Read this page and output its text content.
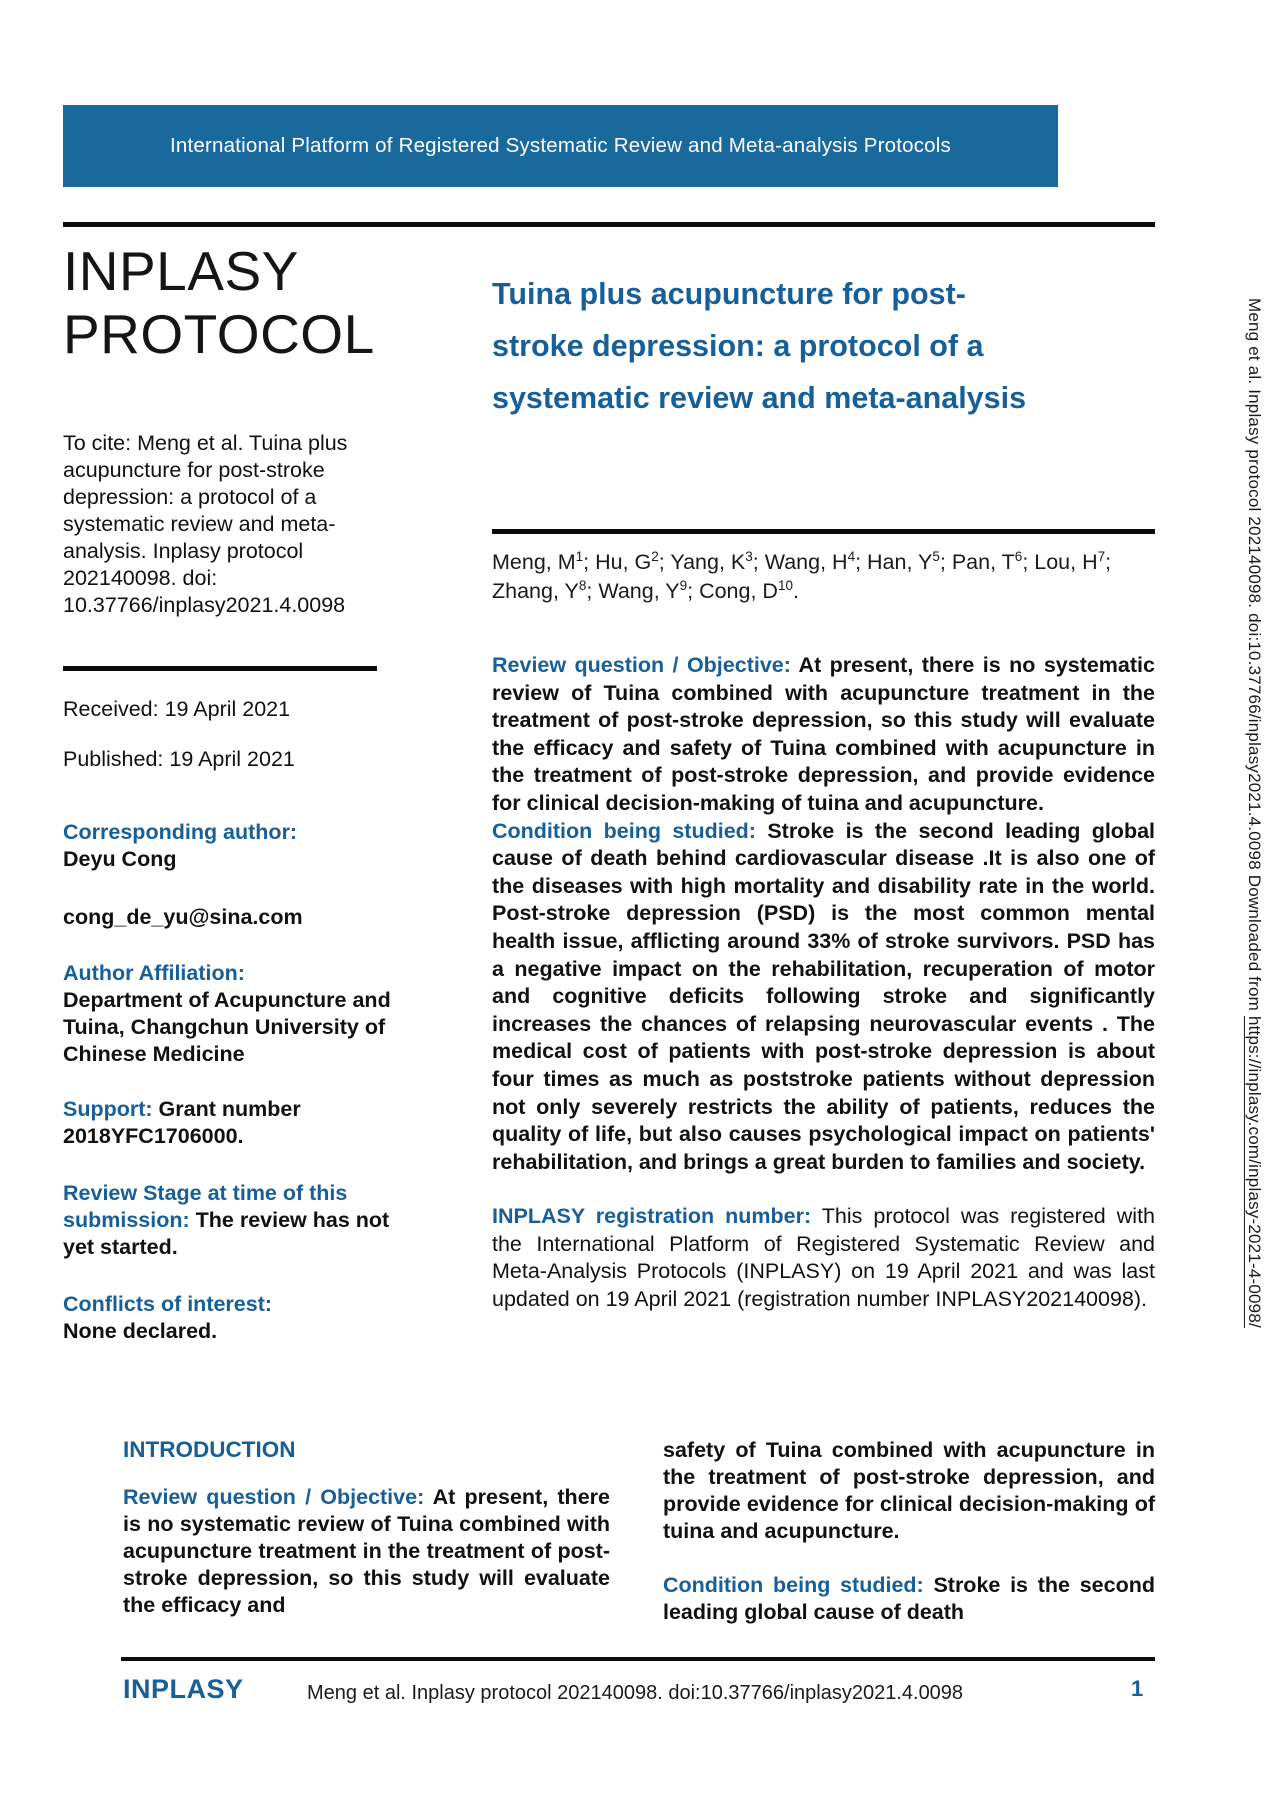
International Platform of Registered Systematic Review and Meta-analysis Protocols
INPLASY
PROTOCOL

To cite: Meng et al. Tuina plus acupuncture for post-stroke depression: a protocol of a systematic review and meta-analysis. Inplasy protocol 202140098. doi: 10.37766/inplasy2021.4.0098

Received: 19 April 2021

Published: 19 April 2021

Corresponding author:
Deyu Cong
cong_de_yu@sina.com
Author Affiliation:
Department of Acupuncture and Tuina, Changchun University of Chinese Medicine
Support: Grant number 2018YFC1706000.
Review Stage at time of this submission: The review has not yet started.
Conflicts of interest:
None declared.
Tuina plus acupuncture for post-
stroke depression: a protocol of a
systematic review and meta-analysis

Meng, $M^1$; Hu, $G^2$; Yang, $K^3$; Wang, $H^4$; Han, $Y^5$; Pan, $T^6$; Lou, $H^7$; Zhang, $Y^8$; Wang, $Y^9$; Cong, $D^{10}$.

Review question / Objective: At present, there is no systematic review of Tuina combined with acupuncture treatment in the treatment of post-stroke depression, so this study will evaluate the efficacy and safety of Tuina combined with acupuncture in the treatment of post-stroke depression, and provide evidence for clinical decision-making of tuina and acupuncture.

Condition being studied: Stroke is the second leading global cause of death behind cardiovascular disease .It is also one of the diseases with high mortality and disability rate in the world. Post-stroke depression (PSD) is the most common mental health issue, afflicting around 33% of stroke survivors. PSD has a negative impact on the rehabilitation, recuperation of motor and cognitive deficits following stroke and significantly increases the chances of relapsing neurovascular events . The medical cost of patients with post-stroke depression is about four times as much as poststroke patients without depression not only severely restricts the ability of patients, reduces the quality of life, but also causes psychological impact on patients' rehabilitation, and brings a great burden to families and society.

INPLASY registration number: This protocol was registered with the International Platform of Registered Systematic Review and Meta-Analysis Protocols (INPLASY) on 19 April 2021 and was last updated on 19 April 2021 (registration number INPLASY202140098).

INTRODUCTION

Review question / Objective: At present, there is no systematic review of Tuina combined with acupuncture treatment in the treatment of post-stroke depression, so this study will evaluate the efficacy and

safety of Tuina combined with acupuncture in the treatment of post-stroke depression, and provide evidence for clinical decision-making of tuina and acupuncture.

Condition being studied: Stroke is the second leading global cause of death

INPLASY	Meng et al. Inplasy protocol 202140098. doi:10.37766/inplasy2021.4.0098	1
Meng et al. Inplasy protocol 202140098. doi:10.37766/inplasy2021.4.0098 Downloaded from https://inplasy.com/inplasy-2021-4-0098/
